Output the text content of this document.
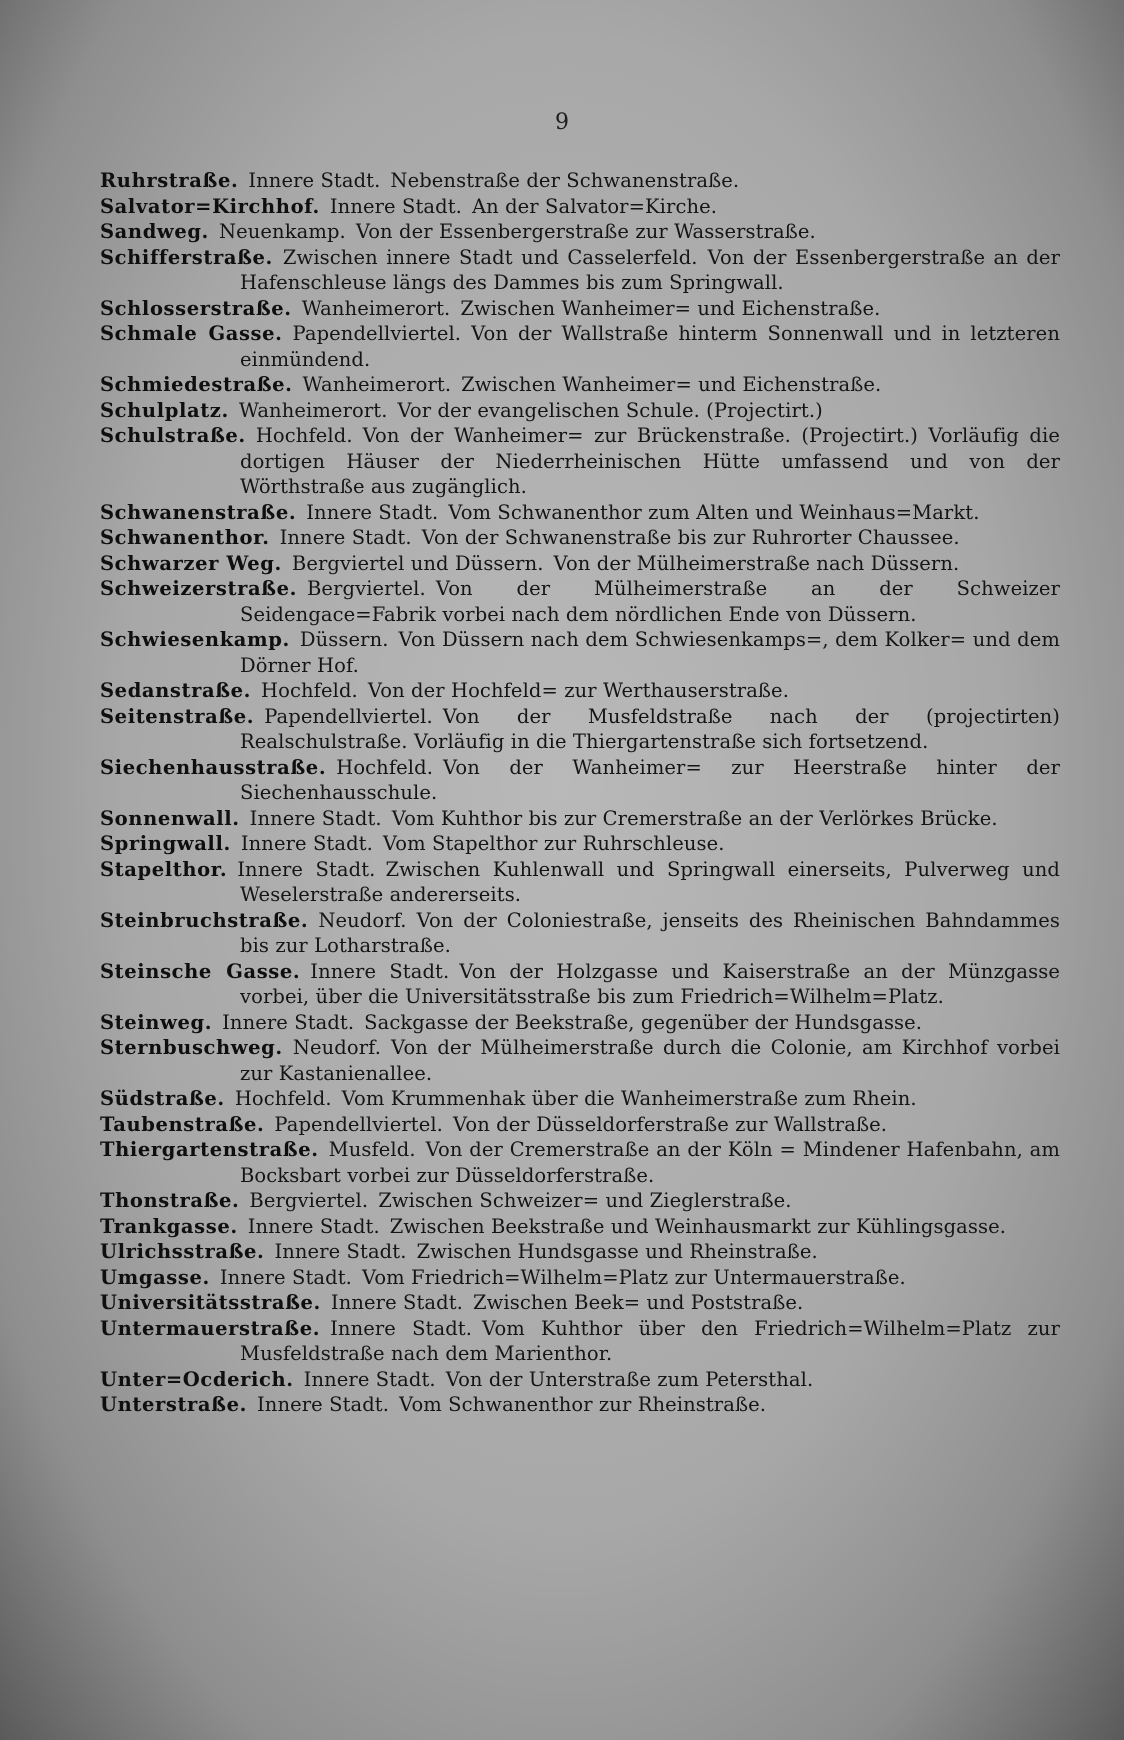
9
Ruhrstraße. Innere Stadt. Nebenstraße der Schwanenstraße.
Salvator=Kirchhof. Innere Stadt. An der Salvator=Kirche.
Sandweg. Neuenkamp. Von der Essenbergerstraße zur Wasserstraße.
Schifferstraße. Zwischen innere Stadt und Casselerfeld. Von der Essenbergerstraße an der Hafenschleuse längs des Dammes bis zum Springwall.
Schlosserstraße. Wanheimerort. Zwischen Wanheimer= und Eichenstraße.
Schmale Gasse. Papendellviertel. Von der Wallstraße hinterm Sonnenwall und in letzteren einmündend.
Schmiedestraße. Wanheimerort. Zwischen Wanheimer= und Eichenstraße.
Schulplatz. Wanheimerort. Vor der evangelischen Schule. (Projectirt.)
Schulstraße. Hochfeld. Von der Wanheimer= zur Brückenstraße. (Projectirt.) Vorläufig die dortigen Häuser der Niederrheinischen Hütte umfassend und von der Wörthstraße aus zugänglich.
Schwanenstraße. Innere Stadt. Vom Schwanenthor zum Alten und Weinhaus=Markt.
Schwanenthor. Innere Stadt. Von der Schwanenstraße bis zur Ruhrorter Chaussee.
Schwarzer Weg. Bergviertel und Düssern. Von der Mülheimerstraße nach Düssern.
Schweizerstraße. Bergviertel. Von der Mülheimerstraße an der Schweizer Seidengace=Fabrik vorbei nach dem nördlichen Ende von Düssern.
Schwiesenkamp. Düssern. Von Düssern nach dem Schwiesenkamps=, dem Kolker= und dem Dörner Hof.
Sedanstraße. Hochfeld. Von der Hochfeld= zur Werthauserstraße.
Seitenstraße. Papendellviertel. Von der Musfeldstraße nach der (projectirten) Realschulstraße. Vorläufig in die Thiergartenstraße sich fortsetzend.
Siechenhausstraße. Hochfeld. Von der Wanheimer= zur Heerstraße hinter der Siechenhausschule.
Sonnenwall. Innere Stadt. Vom Kuhthor bis zur Cremerstraße an der Verlörkes Brücke.
Springwall. Innere Stadt. Vom Stapelthor zur Ruhrschleuse.
Stapelthor. Innere Stadt. Zwischen Kuhlenwall und Springwall einerseits, Pulverweg und Weselerstraße andererseits.
Steinbruchstraße. Neudorf. Von der Coloniestraße, jenseits des Rheinischen Bahndammes bis zur Lotharstraße.
Steinsche Gasse. Innere Stadt. Von der Holzgasse und Kaiserstraße an der Münzgasse vorbei, über die Universitätsstraße bis zum Friedrich=Wilhelm=Platz.
Steinweg. Innere Stadt. Sackgasse der Beekstraße, gegenüber der Hundsgasse.
Sternbuschweg. Neudorf. Von der Mülheimerstraße durch die Colonie, am Kirchhof vorbei zur Kastanienallee.
Südstraße. Hochfeld. Vom Krummenhak über die Wanheimerstraße zum Rhein.
Taubenstraße. Papendellviertel. Von der Düsseldorferstraße zur Wallstraße.
Thiergartenstraße. Musfeld. Von der Cremerstraße an der Köln = Mindener Hafenbahn, am Bocksbart vorbei zur Düsseldorferstraße.
Thonstraße. Bergviertel. Zwischen Schweizer= und Zieglerstraße.
Trankgasse. Innere Stadt. Zwischen Beekstraße und Weinhausmarkt zur Kühlingsgasse.
Ulrichsstraße. Innere Stadt. Zwischen Hundsgasse und Rheinstraße.
Umgasse. Innere Stadt. Vom Friedrich=Wilhelm=Platz zur Untermauerstraße.
Universitätsstraße. Innere Stadt. Zwischen Beek= und Poststraße.
Untermauerstraße. Innere Stadt. Vom Kuhthor über den Friedrich=Wilhelm=Platz zur Musfeldstraße nach dem Marienthor.
Unter=Ocderich. Innere Stadt. Von der Unterstraße zum Petersthal.
Unterstraße. Innere Stadt. Vom Schwanenthor zur Rheinstraße.
